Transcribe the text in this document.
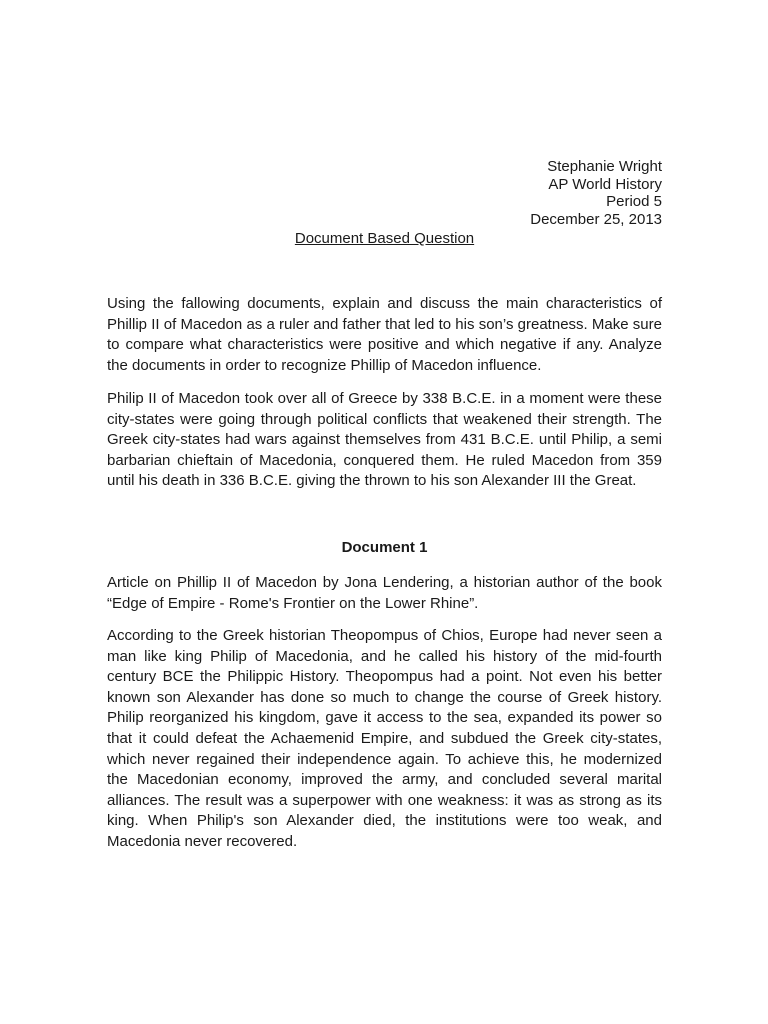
Stephanie Wright
AP World History
Period 5
December 25, 2013
Document Based Question

Using the fallowing documents, explain and discuss the main characteristics of Phillip II of Macedon as a ruler and father that led to his son’s greatness. Make sure to compare what characteristics were positive and which negative if any. Analyze the documents in order to recognize Phillip of Macedon influence.

Philip II of Macedon took over all of Greece by 338 B.C.E. in a moment were these city-states were going through political conflicts that weakened their strength. The Greek city-states had wars against themselves from 431 B.C.E. until Philip, a semi barbarian chieftain of Macedonia, conquered them. He ruled Macedon from 359 until his death in 336 B.C.E. giving the thrown to his son Alexander III the Great.

Document 1

Article on Phillip II of Macedon by Jona Lendering, a historian author of the book “Edge of Empire - Rome's Frontier on the Lower Rhine”.

According to the Greek historian Theopompus of Chios, Europe had never seen a man like king Philip of Macedonia, and he called his history of the mid-fourth century BCE the Philippic History. Theopompus had a point. Not even his better known son Alexander has done so much to change the course of Greek history. Philip reorganized his kingdom, gave it access to the sea, expanded its power so that it could defeat the Achaemenid Empire, and subdued the Greek city-states, which never regained their independence again. To achieve this, he modernized the Macedonian economy, improved the army, and concluded several marital alliances. The result was a superpower with one weakness: it was as strong as its king. When Philip's son Alexander died, the institutions were too weak, and Macedonia never recovered.
